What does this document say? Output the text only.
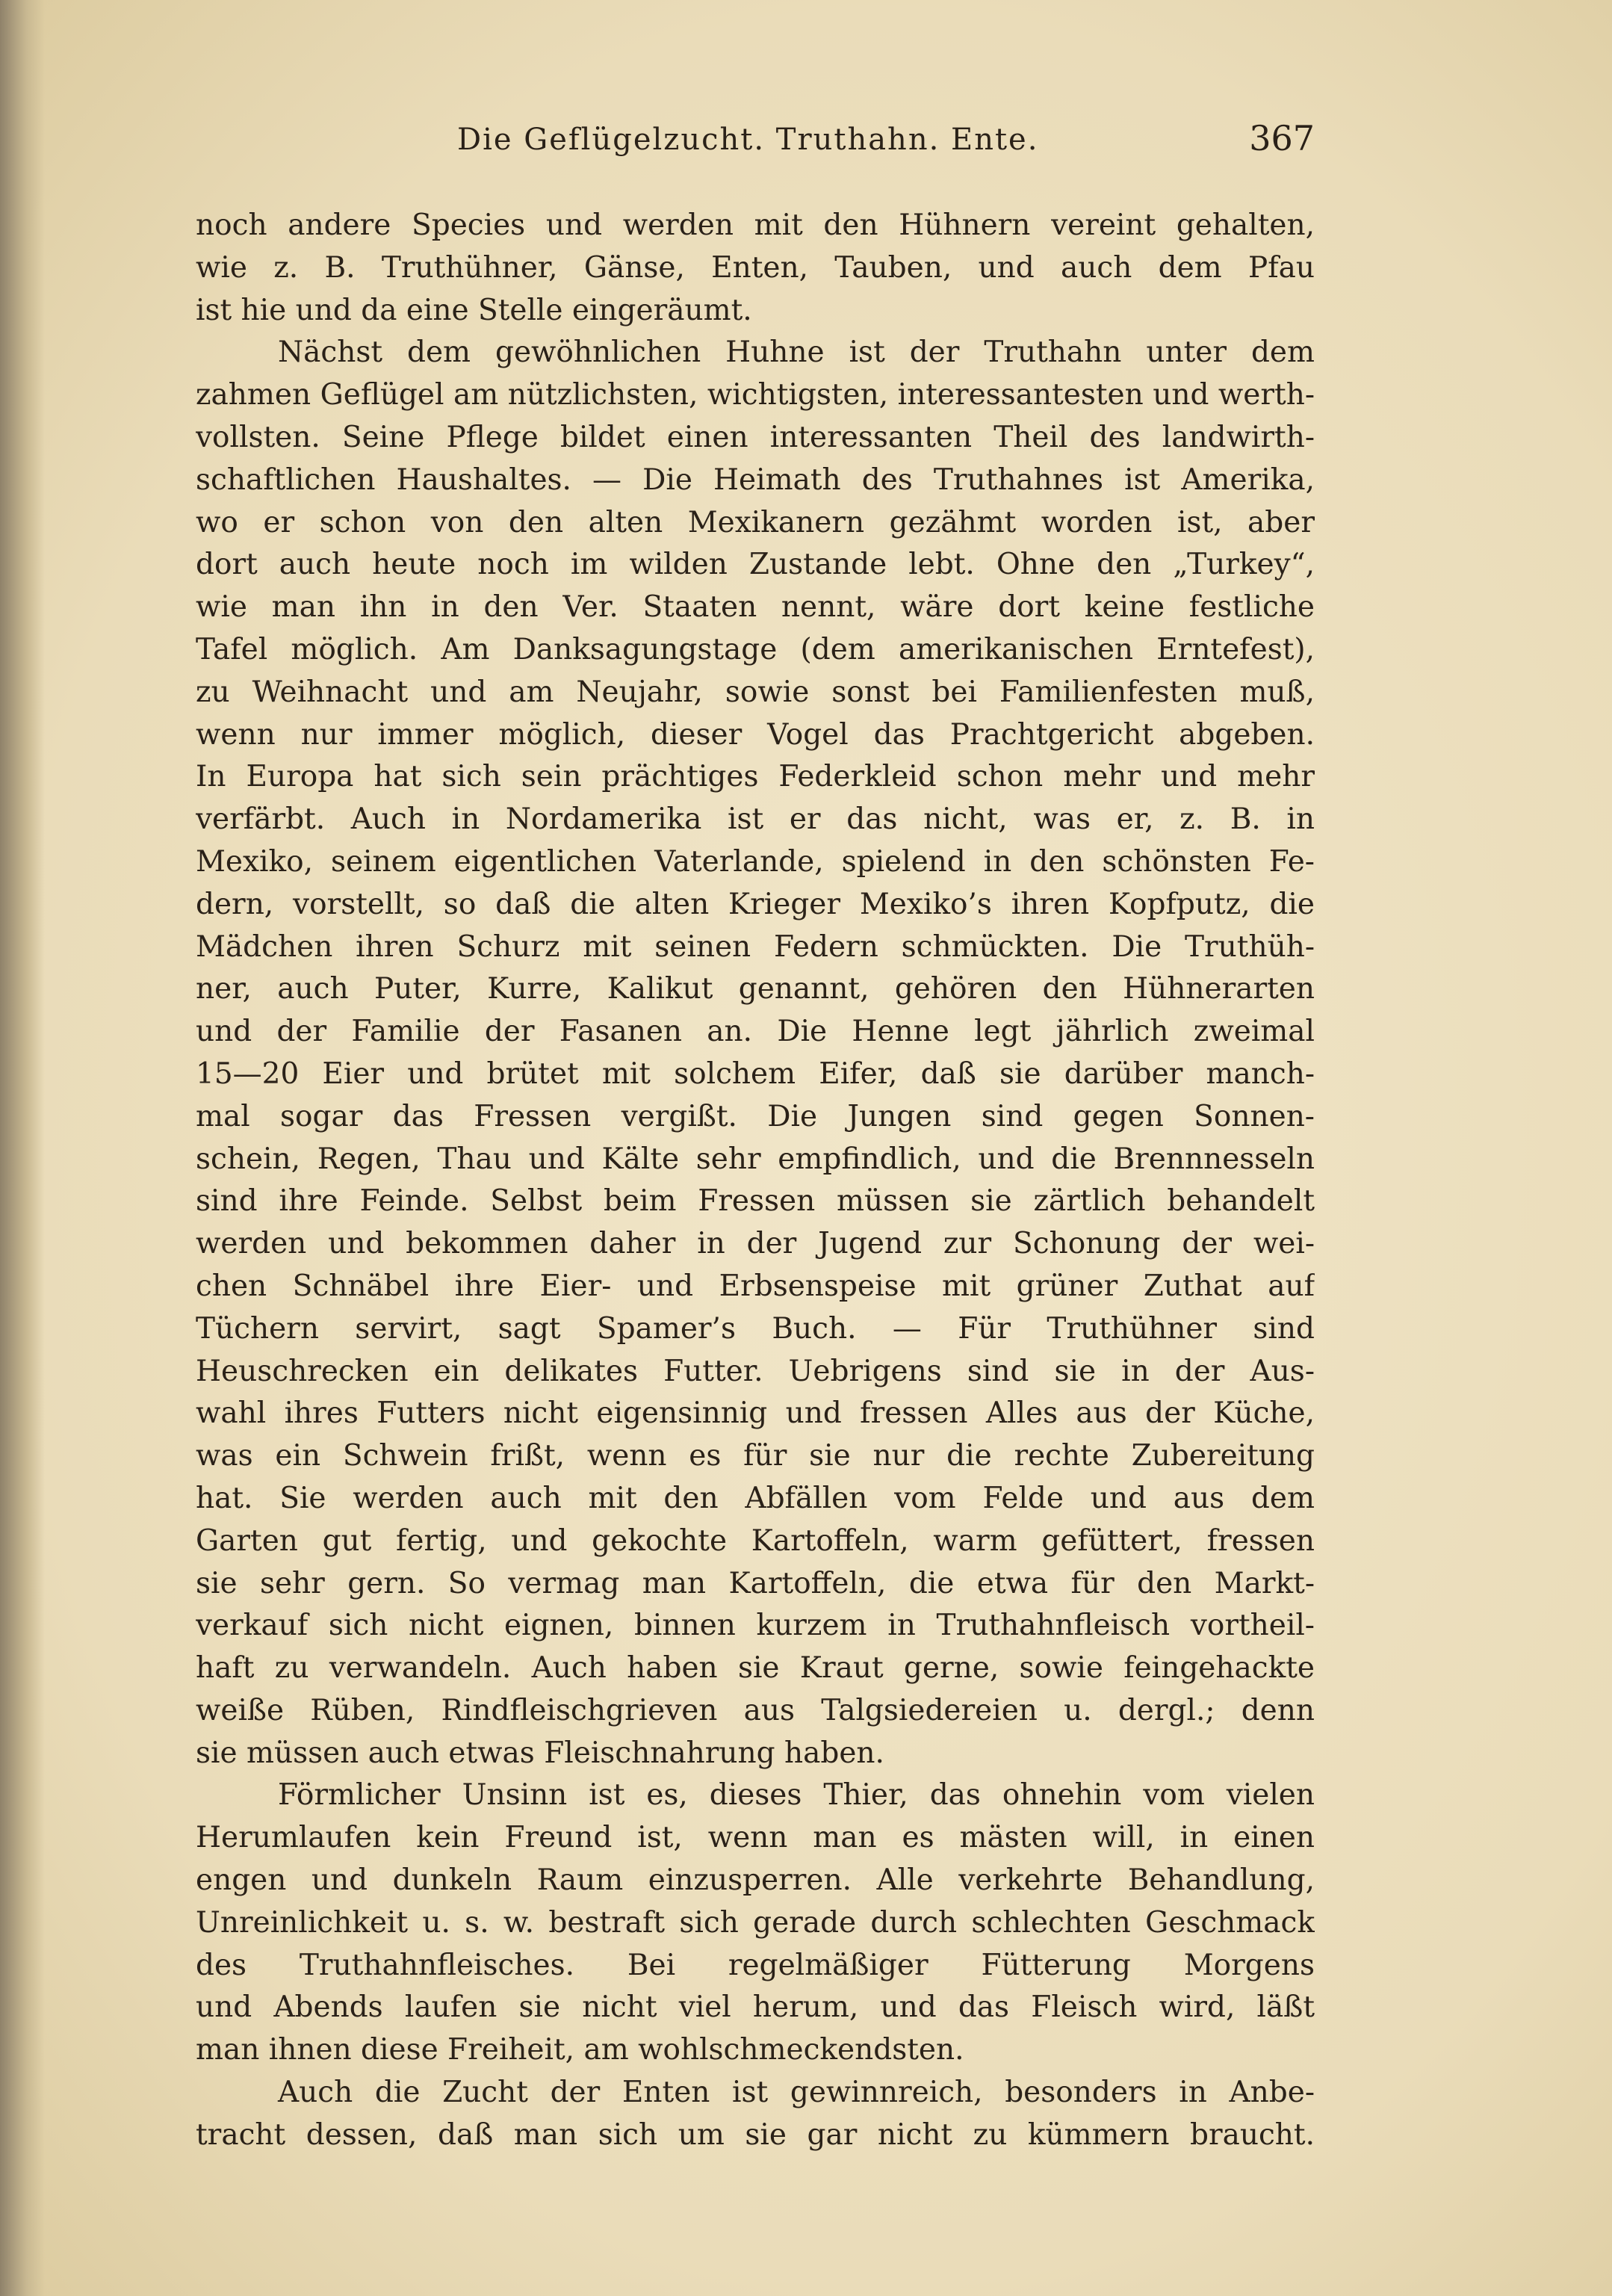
Die Geflügelzucht. Truthahn. Ente.	367
noch andere Species und werden mit den Hühnern vereint gehalten,
wie z. B. Truthühner, Gänse, Enten, Tauben, und auch dem Pfau
ist hie und da eine Stelle eingeräumt.
Nächst dem gewöhnlichen Huhne ist der Truthahn unter dem
zahmen Geflügel am nützlichsten, wichtigsten, interessantesten und werth-
vollsten. Seine Pflege bildet einen interessanten Theil des landwirth-
schaftlichen Haushaltes. — Die Heimath des Truthahnes ist Amerika,
wo er schon von den alten Mexikanern gezähmt worden ist, aber
dort auch heute noch im wilden Zustande lebt. Ohne den „Turkey“,
wie man ihn in den Ver. Staaten nennt, wäre dort keine festliche
Tafel möglich. Am Danksagungstage (dem amerikanischen Erntefest),
zu Weihnacht und am Neujahr, sowie sonst bei Familienfesten muß,
wenn nur immer möglich, dieser Vogel das Prachtgericht abgeben.
In Europa hat sich sein prächtiges Federkleid schon mehr und mehr
verfärbt. Auch in Nordamerika ist er das nicht, was er, z. B. in
Mexiko, seinem eigentlichen Vaterlande, spielend in den schönsten Fe-
dern, vorstellt, so daß die alten Krieger Mexiko’s ihren Kopfputz, die
Mädchen ihren Schurz mit seinen Federn schmückten. Die Truthüh-
ner, auch Puter, Kurre, Kalikut genannt, gehören den Hühnerarten
und der Familie der Fasanen an. Die Henne legt jährlich zweimal
15—20 Eier und brütet mit solchem Eifer, daß sie darüber manch-
mal sogar das Fressen vergißt. Die Jungen sind gegen Sonnen-
schein, Regen, Thau und Kälte sehr empfindlich, und die Brennnesseln
sind ihre Feinde. Selbst beim Fressen müssen sie zärtlich behandelt
werden und bekommen daher in der Jugend zur Schonung der wei-
chen Schnäbel ihre Eier- und Erbsenspeise mit grüner Zuthat auf
Tüchern servirt, sagt Spamer’s Buch. — Für Truthühner sind
Heuschrecken ein delikates Futter. Uebrigens sind sie in der Aus-
wahl ihres Futters nicht eigensinnig und fressen Alles aus der Küche,
was ein Schwein frißt, wenn es für sie nur die rechte Zubereitung
hat. Sie werden auch mit den Abfällen vom Felde und aus dem
Garten gut fertig, und gekochte Kartoffeln, warm gefüttert, fressen
sie sehr gern. So vermag man Kartoffeln, die etwa für den Markt-
verkauf sich nicht eignen, binnen kurzem in Truthahnfleisch vortheil-
haft zu verwandeln. Auch haben sie Kraut gerne, sowie feingehackte
weiße Rüben, Rindfleischgrieven aus Talgsiedereien u. dergl.; denn
sie müssen auch etwas Fleischnahrung haben.
Förmlicher Unsinn ist es, dieses Thier, das ohnehin vom vielen
Herumlaufen kein Freund ist, wenn man es mästen will, in einen
engen und dunkeln Raum einzusperren. Alle verkehrte Behandlung,
Unreinlichkeit u. s. w. bestraft sich gerade durch schlechten Geschmack
des Truthahnfleisches. Bei regelmäßiger Fütterung Morgens
und Abends laufen sie nicht viel herum, und das Fleisch wird, läßt
man ihnen diese Freiheit, am wohlschmeckendsten.
Auch die Zucht der Enten ist gewinnreich, besonders in Anbe-
tracht dessen, daß man sich um sie gar nicht zu kümmern braucht.
